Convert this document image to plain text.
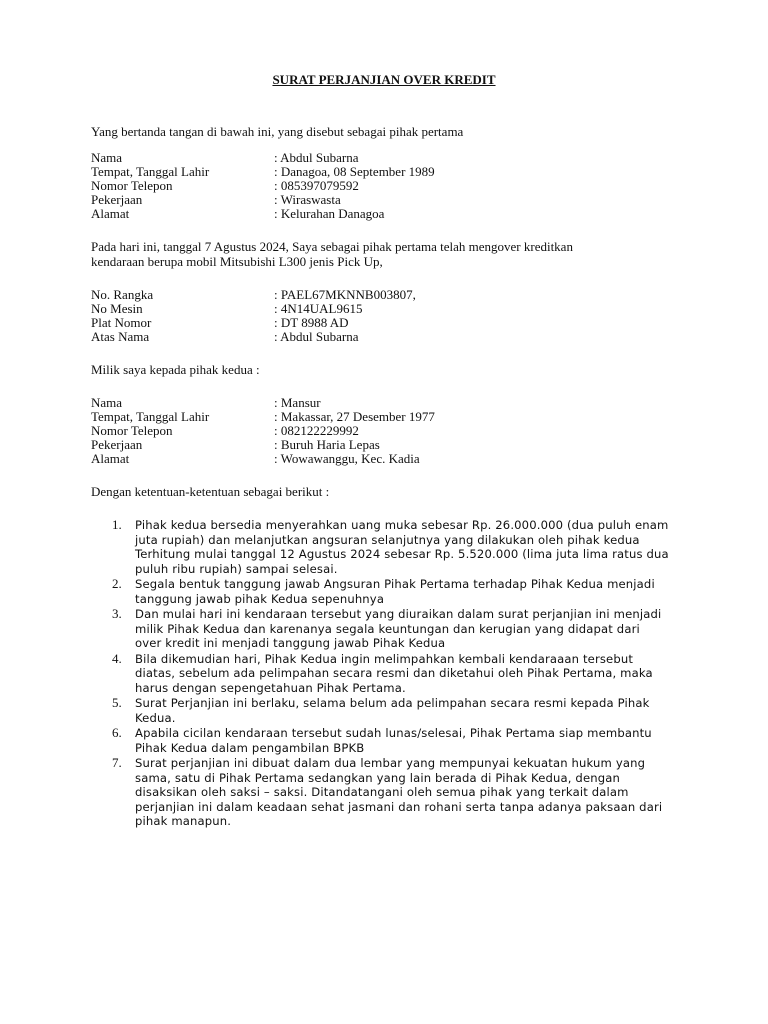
SURAT PERJANJIAN OVER KREDIT
Yang bertanda tangan di bawah ini, yang disebut sebagai pihak pertama
Nama	: Abdul Subarna
Tempat, Tanggal Lahir	: Danagoa, 08 September 1989
Nomor Telepon	: 085397079592
Pekerjaan	: Wiraswasta
Alamat	: Kelurahan Danagoa
Pada hari ini, tanggal 7 Agustus 2024, Saya sebagai pihak pertama telah mengover kreditkan
kendaraan berupa mobil Mitsubishi L300 jenis Pick Up,
No. Rangka	: PAEL67MKNNB003807,
No Mesin	: 4N14UAL9615
Plat Nomor	: DT 8988 AD
Atas Nama	: Abdul Subarna
Milik saya kepada pihak kedua :
Nama	: Mansur
Tempat, Tanggal Lahir	: Makassar, 27 Desember 1977
Nomor Telepon	: 082122229992
Pekerjaan	: Buruh Haria Lepas
Alamat	: Wowawanggu, Kec. Kadia
Dengan ketentuan-ketentuan sebagai berikut :
1. Pihak kedua bersedia menyerahkan uang muka sebesar Rp. 26.000.000 (dua puluh enam
juta rupiah) dan melanjutkan angsuran selanjutnya yang dilakukan oleh pihak kedua
Terhitung mulai tanggal 12 Agustus 2024 sebesar Rp. 5.520.000 (lima juta lima ratus dua
puluh ribu rupiah) sampai selesai.
2. Segala bentuk tanggung jawab Angsuran Pihak Pertama terhadap Pihak Kedua menjadi
tanggung jawab pihak Kedua sepenuhnya
3. Dan mulai hari ini kendaraan tersebut yang diuraikan dalam surat perjanjian ini menjadi
milik Pihak Kedua dan karenanya segala keuntungan dan kerugian yang didapat dari
over kredit ini menjadi tanggung jawab Pihak Kedua
4. Bila dikemudian hari, Pihak Kedua ingin melimpahkan kembali kendaraaan tersebut
diatas, sebelum ada pelimpahan secara resmi dan diketahui oleh Pihak Pertama, maka
harus dengan sepengetahuan Pihak Pertama.
5. Surat Perjanjian ini berlaku, selama belum ada pelimpahan secara resmi kepada Pihak
Kedua.
6. Apabila cicilan kendaraan tersebut sudah lunas/selesai, Pihak Pertama siap membantu
Pihak Kedua dalam pengambilan BPKB
7. Surat perjanjian ini dibuat dalam dua lembar yang mempunyai kekuatan hukum yang
sama, satu di Pihak Pertama sedangkan yang lain berada di Pihak Kedua, dengan
disaksikan oleh saksi – saksi. Ditandatangani oleh semua pihak yang terkait dalam
perjanjian ini dalam keadaan sehat jasmani dan rohani serta tanpa adanya paksaan dari
pihak manapun.
